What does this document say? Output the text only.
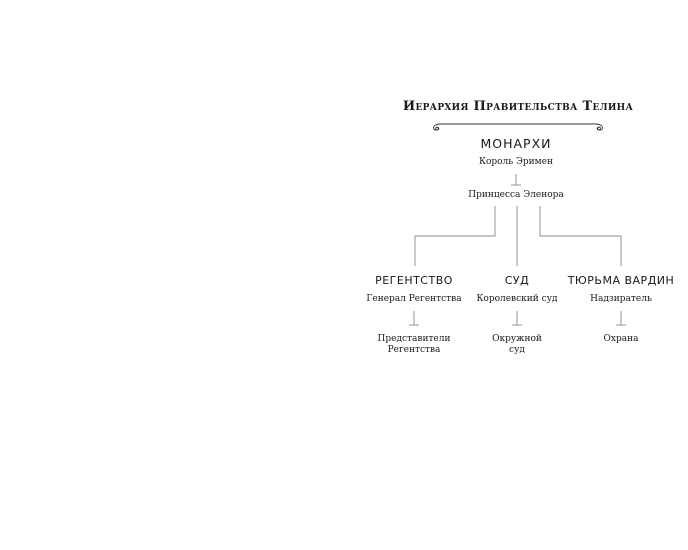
Иерархия Правительства Телина
МОНАРХИ
Король Эримен
Принцесса Эленора
РЕГЕНТСТВО
Генерал Регентства
Представители
Регентства
СУД
Королевский суд
Окружной
суд
ТЮРЬМА ВАРДИН
Надзиратель
Охрана
